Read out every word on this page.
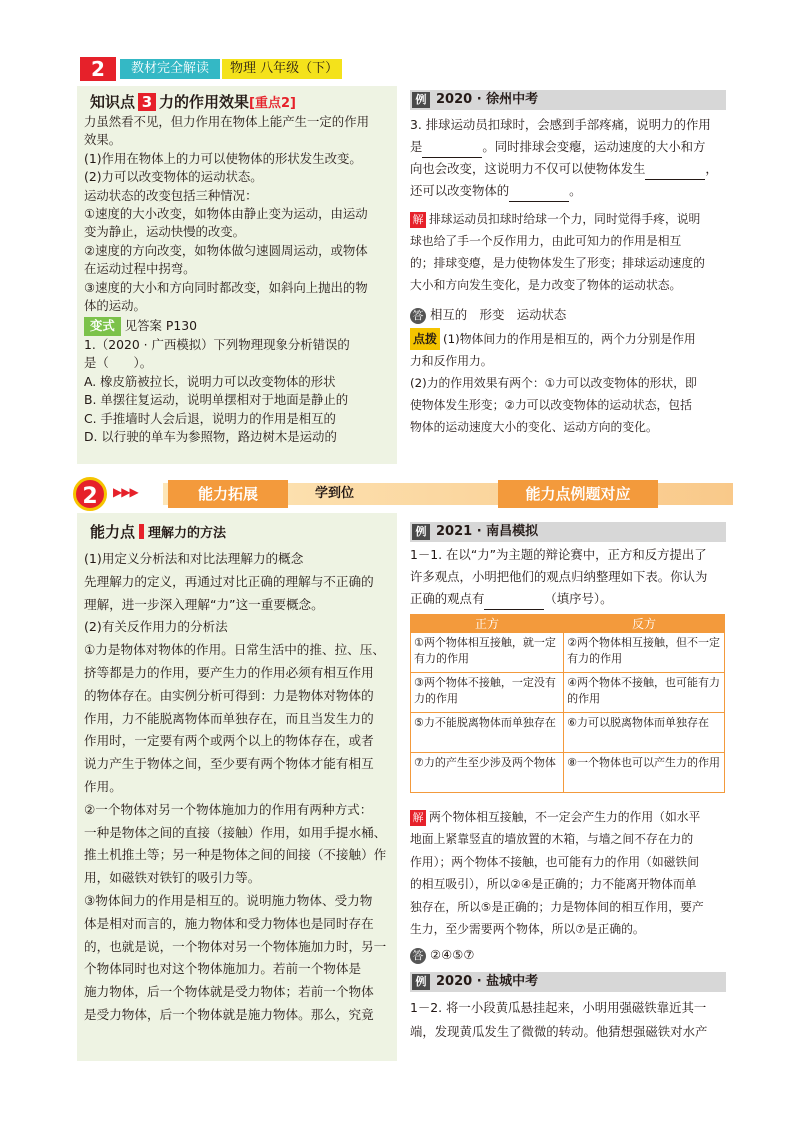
2	教材完全解读	物理 八年级（下）
知识点 3 力的作用效果[重点2]

力虽然看不见，但力作用在物体上能产生一定的作用

效果。

(1)作用在物体上的力可以使物体的形状发生改变。

(2)力可以改变物体的运动状态。

运动状态的改变包括三种情况：

①速度的大小改变，如物体由静止变为运动，由运动

变为静止，运动快慢的改变。

②速度的方向改变，如物体做匀速圆周运动，或物体

在运动过程中拐弯。

③速度的大小和方向同时都改变，如斜向上抛出的物

体的运动。

变式 见答案 P130

1.（2020 · 广西模拟）下列物理现象分析错误的

是（　　）。

A. 橡皮筋被拉长，说明力可以改变物体的形状

B. 单摆往复运动，说明单摆相对于地面是静止的

C. 手推墙时人会后退，说明力的作用是相互的

D. 以行驶的单车为参照物，路边树木是运动的

例 2020 · 徐州中考

3. 排球运动员扣球时，会感到手部疼痛，说明力的作用

是	。同时排球会变瘪，运动速度的大小和方

向也会改变，这说明力不仅可以使物体发生	，

还可以改变物体的	。

解 排球运动员扣球时给球一个力，同时觉得手疼，说明

球也给了手一个反作用力，由此可知力的作用是相互

的；排球变瘪，是力使物体发生了形变；排球运动速度的

大小和方向发生变化，是力改变了物体的运动状态。

答 相互的　形变　运动状态

点拨 (1)物体间力的作用是相互的，两个力分别是作用

力和反作用力。

(2)力的作用效果有两个：①力可以改变物体的形状，即

使物体发生形变；②力可以改变物体的运动状态，包括

物体的运动速度大小的变化、运动方向的变化。

2	▶▶▶	能力拓展	学到位	能力点例题对应
能力点 理解力的方法

(1)用定义分析法和对比法理解力的概念

先理解力的定义，再通过对比正确的理解与不正确的

理解，进一步深入理解“力”这一重要概念。

(2)有关反作用力的分析法

①力是物体对物体的作用。日常生活中的推、拉、压、

挤等都是力的作用，要产生力的作用必须有相互作用

的物体存在。由实例分析可得到：力是物体对物体的

作用，力不能脱离物体而单独存在，而且当发生力的

作用时，一定要有两个或两个以上的物体存在，或者

说力产生于物体之间，至少要有两个物体才能有相互

作用。

②一个物体对另一个物体施加力的作用有两种方式：

一种是物体之间的直接（接触）作用，如用手提水桶、

推土机推土等；另一种是物体之间的间接（不接触）作

用，如磁铁对铁钉的吸引力等。

③物体间力的作用是相互的。说明施力物体、受力物

体是相对而言的，施力物体和受力物体也是同时存在

的，也就是说，一个物体对另一个物体施加力时，另一

个物体同时也对这个物体施加力。若前一个物体是

施力物体，后一个物体就是受力物体；若前一个物体

是受力物体，后一个物体就是施力物体。那么，究竟

例 2021 · 南昌模拟

1－1. 在以“力”为主题的辩论赛中，正方和反方提出了

许多观点，小明把他们的观点归纳整理如下表。你认为

正确的观点有	（填序号）。

正方	反方
①两个物体相互接触，就一定有力的作用	②两个物体相互接触，但不一定有力的作用
③两个物体不接触，一定没有力的作用	④两个物体不接触，也可能有力的作用
⑤力不能脱离物体而单独存在	⑥力可以脱离物体而单独存在
⑦力的产生至少涉及两个物体	⑧一个物体也可以产生力的作用

解 两个物体相互接触，不一定会产生力的作用（如水平

地面上紧靠竖直的墙放置的木箱，与墙之间不存在力的

作用）；两个物体不接触，也可能有力的作用（如磁铁间

的相互吸引），所以②④是正确的；力不能离开物体而单

独存在，所以⑤是正确的；力是物体间的相互作用，要产

生力，至少需要两个物体，所以⑦是正确的。

答 ②④⑤⑦

例 2020 · 盐城中考

1－2. 将一小段黄瓜悬挂起来，小明用强磁铁靠近其一

端，发现黄瓜发生了微微的转动。他猜想强磁铁对水产
